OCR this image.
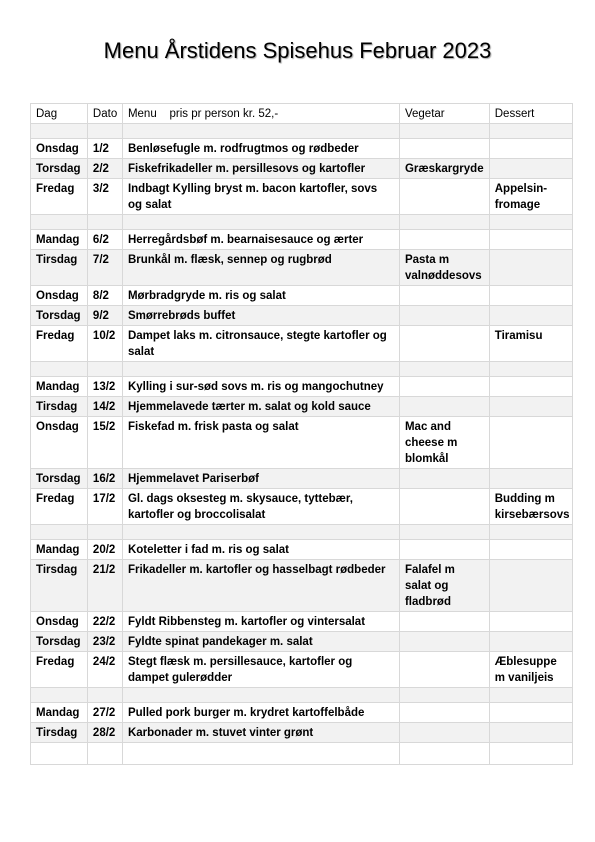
Menu Årstidens Spisehus Februar 2023
Dag	Dato	Menu    pris pr person kr. 52,-	Vegetar	Dessert

Onsdag	1/2	Benløsefugle m. rodfrugtmos og rødbeder		
Torsdag	2/2	Fiskefrikadeller m. persillesovs og kartofler	Græskargryde	
Fredag	3/2	Indbagt Kylling bryst m. bacon kartofler, sovs og salat		Appelsin-fromage

Mandag	6/2	Herregårdsbøf m. bearnaisesauce og ærter		
Tirsdag	7/2	Brunkål m. flæsk, sennep og rugbrød	Pasta m valnøddesovs	
Onsdag	8/2	Mørbradgryde m. ris og salat		
Torsdag	9/2	Smørrebrøds buffet		
Fredag	10/2	Dampet laks m. citronsauce, stegte kartofler og salat		Tiramisu

Mandag	13/2	Kylling i sur-sød sovs m. ris og mangochutney		
Tirsdag	14/2	Hjemmelavede tærter m. salat og kold sauce		
Onsdag	15/2	Fiskefad m. frisk pasta og salat	Mac and cheese m blomkål	
Torsdag	16/2	Hjemmelavet Pariserbøf		
Fredag	17/2	Gl. dags oksesteg m. skysauce, tyttebær, kartofler og broccolisalat		Budding m kirsebærsovs

Mandag	20/2	Koteletter i fad m. ris og salat		
Tirsdag	21/2	Frikadeller m. kartofler og hasselbagt rødbeder	Falafel m salat og fladbrød	
Onsdag	22/2	Fyldt Ribbensteg m. kartofler og vintersalat		
Torsdag	23/2	Fyldte spinat pandekager m. salat		
Fredag	24/2	Stegt flæsk m. persillesauce, kartofler og dampet gulerødder		Æblesuppe m vaniljeis

Mandag	27/2	Pulled pork burger m. krydret kartoffelbåde		
Tirsdag	28/2	Karbonader m. stuvet vinter grønt		
